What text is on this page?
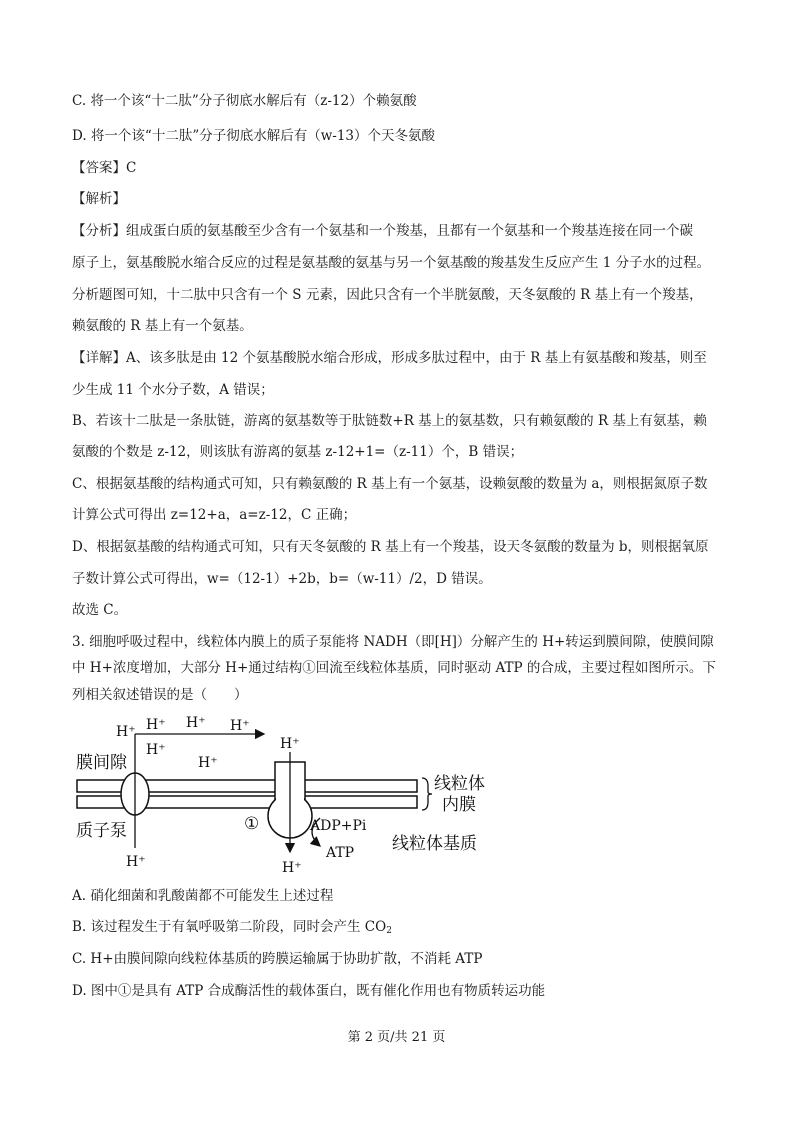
C. 将一个该“十二肽”分子彻底水解后有（z-12）个赖氨酸
D. 将一个该“十二肽”分子彻底水解后有（w-13）个天冬氨酸
【答案】C
【解析】
【分析】组成蛋白质的氨基酸至少含有一个氨基和一个羧基，且都有一个氨基和一个羧基连接在同一个碳
原子上，氨基酸脱水缩合反应的过程是氨基酸的氨基与另一个氨基酸的羧基发生反应产生 1 分子水的过程。
分析题图可知，十二肽中只含有一个 S 元素，因此只含有一个半胱氨酸，天冬氨酸的 R 基上有一个羧基，
赖氨酸的 R 基上有一个氨基。
【详解】A、该多肽是由 12 个氨基酸脱水缩合形成，形成多肽过程中，由于 R 基上有氨基酸和羧基，则至
少生成 11 个水分子数，A 错误；
B、若该十二肽是一条肽链，游离的氨基数等于肽链数+R 基上的氨基数，只有赖氨酸的 R 基上有氨基，赖
氨酸的个数是 z-12，则该肽有游离的氨基 z-12+1=（z-11）个，B 错误；
C、根据氨基酸的结构通式可知，只有赖氨酸的 R 基上有一个氨基，设赖氨酸的数量为 a，则根据氮原子数
计算公式可得出 z=12+a，a=z-12，C 正确；
D、根据氨基酸的结构通式可知，只有天冬氨酸的 R 基上有一个羧基，设天冬氨酸的数量为 b，则根据氧原
子数计算公式可得出，w=（12-1）+2b，b=（w-11）/2，D 错误。
故选 C。
3. 细胞呼吸过程中，线粒体内膜上的质子泵能将 NADH（即[H]）分解产生的 H+转运到膜间隙，使膜间隙
中 H+浓度增加，大部分 H+通过结构①回流至线粒体基质，同时驱动 ATP 的合成，主要过程如图所示。下
列相关叙述错误的是（　　）
H⁺ H⁺ H⁺ H⁺
H⁺
H⁺
H⁺
H⁺
H⁺
膜间隙
质子泵	①	ADP+Pi
ATP
线粒体
内膜
线粒体基质
A. 硝化细菌和乳酸菌都不可能发生上述过程
B. 该过程发生于有氧呼吸第二阶段，同时会产生 $CO_2$
C. H+由膜间隙向线粒体基质的跨膜运输属于协助扩散，不消耗 ATP
D. 图中①是具有 ATP 合成酶活性的载体蛋白，既有催化作用也有物质转运功能
第 2 页/共 21 页
